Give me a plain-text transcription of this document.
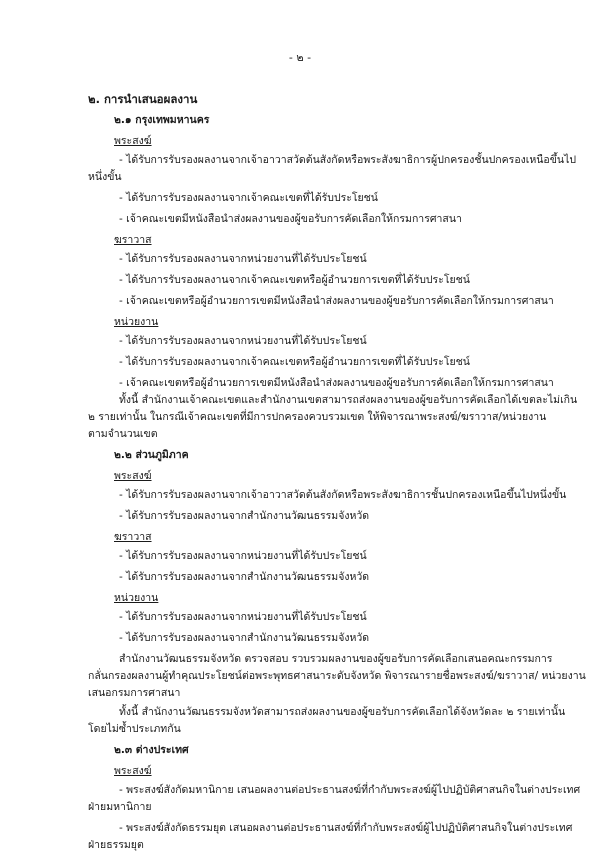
- ๒ -
๒. การนำเสนอผลงาน
๒.๑ กรุงเทพมหานคร
พระสงฆ์
- ได้รับการรับรองผลงานจากเจ้าอาวาสวัดต้นสังกัดหรือพระสังฆาธิการผู้ปกครองชั้นปกครองเหนือขึ้นไป
หนึ่งขั้น
- ได้รับการรับรองผลงานจากเจ้าคณะเขตที่ได้รับประโยชน์
- เจ้าคณะเขตมีหนังสือนำส่งผลงานของผู้ขอรับการคัดเลือกให้กรมการศาสนา
ฆราวาส
- ได้รับการรับรองผลงานจากหน่วยงานที่ได้รับประโยชน์
- ได้รับการรับรองผลงานจากเจ้าคณะเขตหรือผู้อำนวยการเขตที่ได้รับประโยชน์
- เจ้าคณะเขตหรือผู้อำนวยการเขตมีหนังสือนำส่งผลงานของผู้ขอรับการคัดเลือกให้กรมการศาสนา
หน่วยงาน
- ได้รับการรับรองผลงานจากหน่วยงานที่ได้รับประโยชน์
- ได้รับการรับรองผลงานจากเจ้าคณะเขตหรือผู้อำนวยการเขตที่ได้รับประโยชน์
- เจ้าคณะเขตหรือผู้อำนวยการเขตมีหนังสือนำส่งผลงานของผู้ขอรับการคัดเลือกให้กรมการศาสนา
ทั้งนี้ สำนักงานเจ้าคณะเขตและสำนักงานเขตสามารถส่งผลงานของผู้ขอรับการคัดเลือกได้เขตละไม่เกิน
๒ รายเท่านั้น ในกรณีเจ้าคณะเขตที่มีการปกครองควบรวมเขต ให้พิจารณาพระสงฆ์/ฆราวาส/หน่วยงาน
ตามจำนวนเขต
๒.๒ ส่วนภูมิภาค
พระสงฆ์
- ได้รับการรับรองผลงานจากเจ้าอาวาสวัดต้นสังกัดหรือพระสังฆาธิการชั้นปกครองเหนือขึ้นไปหนึ่งขั้น
- ได้รับการรับรองผลงานจากสำนักงานวัฒนธรรมจังหวัด
ฆราวาส
- ได้รับการรับรองผลงานจากหน่วยงานที่ได้รับประโยชน์
- ได้รับการรับรองผลงานจากสำนักงานวัฒนธรรมจังหวัด
หน่วยงาน
- ได้รับการรับรองผลงานจากหน่วยงานที่ได้รับประโยชน์
- ได้รับการรับรองผลงานจากสำนักงานวัฒนธรรมจังหวัด
สำนักงานวัฒนธรรมจังหวัด ตรวจสอบ รวบรวมผลงานของผู้ขอรับการคัดเลือกเสนอคณะกรรมการ
กลั่นกรองผลงานผู้ทำคุณประโยชน์ต่อพระพุทธศาสนาระดับจังหวัด พิจารณารายชื่อพระสงฆ์/ฆราวาส/ หน่วยงาน
เสนอกรมการศาสนา
ทั้งนี้ สำนักงานวัฒนธรรมจังหวัดสามารถส่งผลงานของผู้ขอรับการคัดเลือกได้จังหวัดละ ๒ รายเท่านั้น
โดยไม่ซ้ำประเภทกัน
๒.๓ ต่างประเทศ
พระสงฆ์
- พระสงฆ์สังกัดมหานิกาย เสนอผลงานต่อประธานสงฆ์ที่กำกับพระสงฆ์ผู้ไปปฏิบัติศาสนกิจในต่างประเทศ
ฝ่ายมหานิกาย
- พระสงฆ์สังกัดธรรมยุต เสนอผลงานต่อประธานสงฆ์ที่กำกับพระสงฆ์ผู้ไปปฏิบัติศาสนกิจในต่างประเทศ
ฝ่ายธรรมยุต
